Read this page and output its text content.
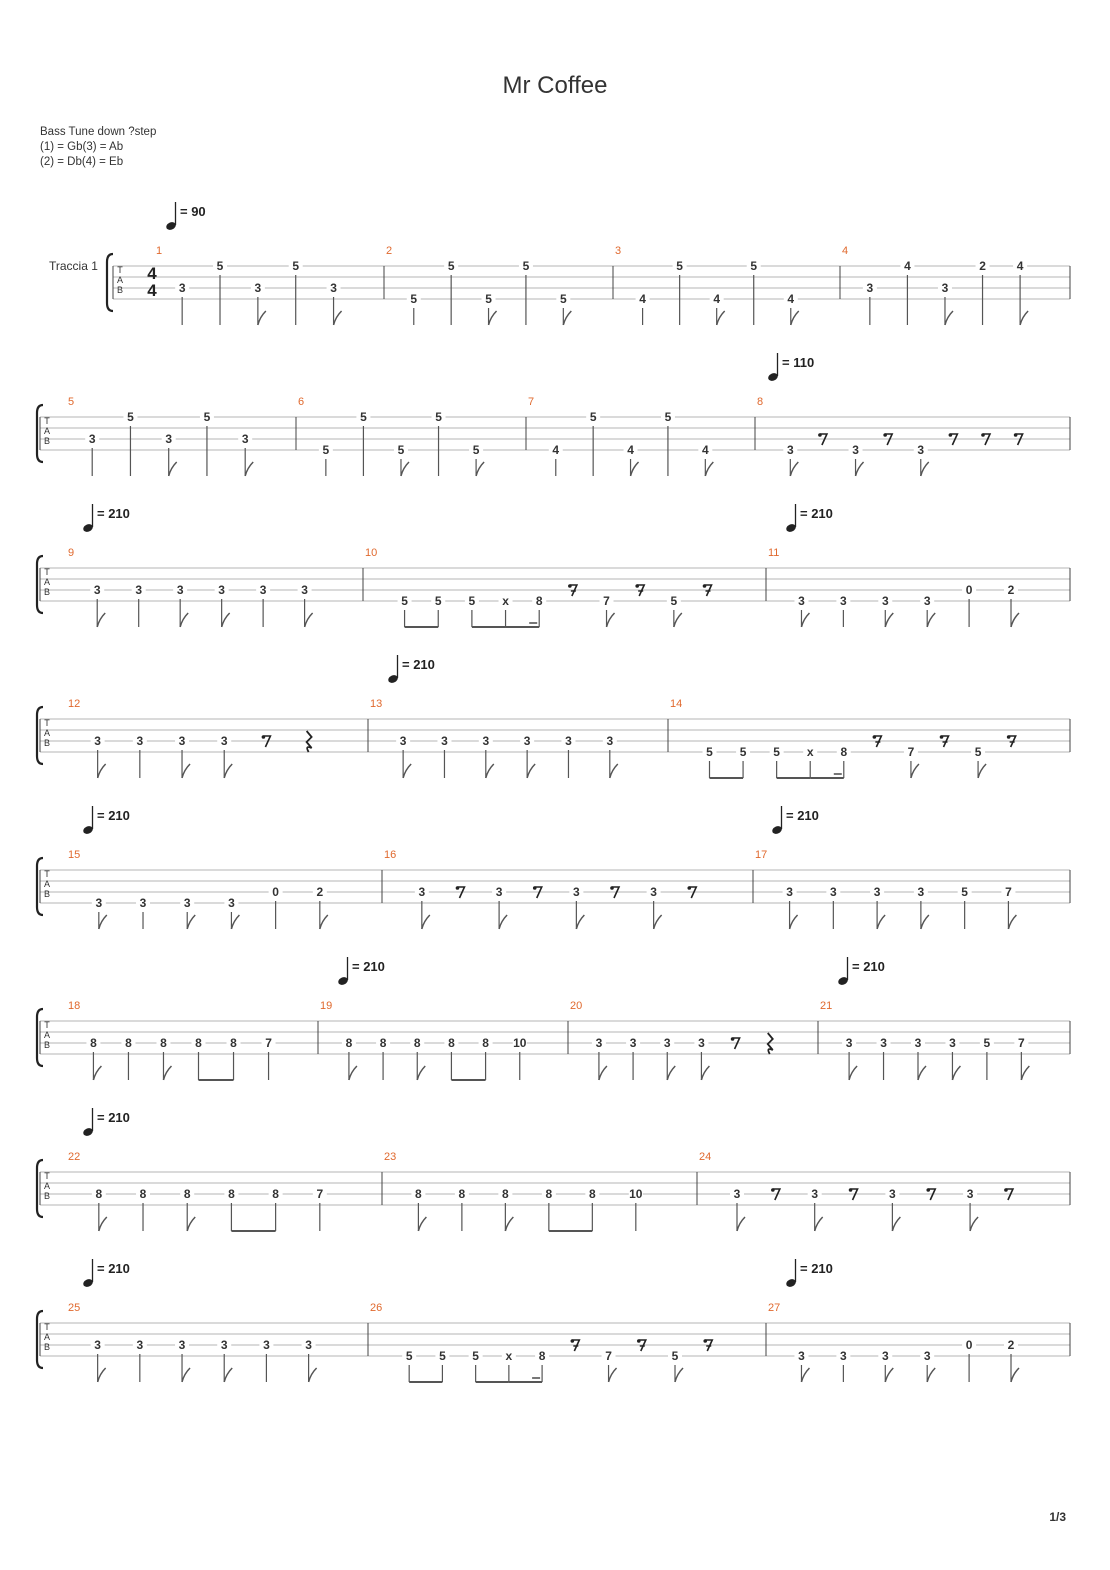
Mr Coffee
Bass Tune down ?step
(1) = Gb(3) = Ab
(2) = Db(4) = Eb
T
A
B
Traccia 1	4
4
= 90
1
3
5
3
5
3
2
5
5
5
5
5
3
4
5
4
5
4
4
3
4
3
2	4
T
A
B
= 110
5
3
5
3
5
3
6
5
5
5
5
5
7
4
5
4
5
4
8
3	3	3
T
A
B
= 210	= 210
9
3	3	3	3	3	3
10
5 5 5 x 8	7	5
11
3	3	3	3
0	2
T
A
B
= 210
12
3	3	3	3
13
3	3	3	3	3	3
14
5 5 5 x 8	7	5
T
A
B
= 210	= 210
15
3	3	3	3
0	2
16
3	3	3	3
17
3	3	3	3	5	7
T
A
B
= 210	= 210
18
8 8 8 8 8 7
19
8 8 8 8 8 10
20
3 3 3 3
21
3 3 3 3 5 7
T
A
B
= 210
22
8	8	8	8	8	7
23
8	8	8	8	8	10
24
3	3	3	3
T
A
B
= 210	= 210
25
3	3	3	3	3	3
26
5 5 5 x 8	7	5
27
3	3	3	3
0	2
1/3
